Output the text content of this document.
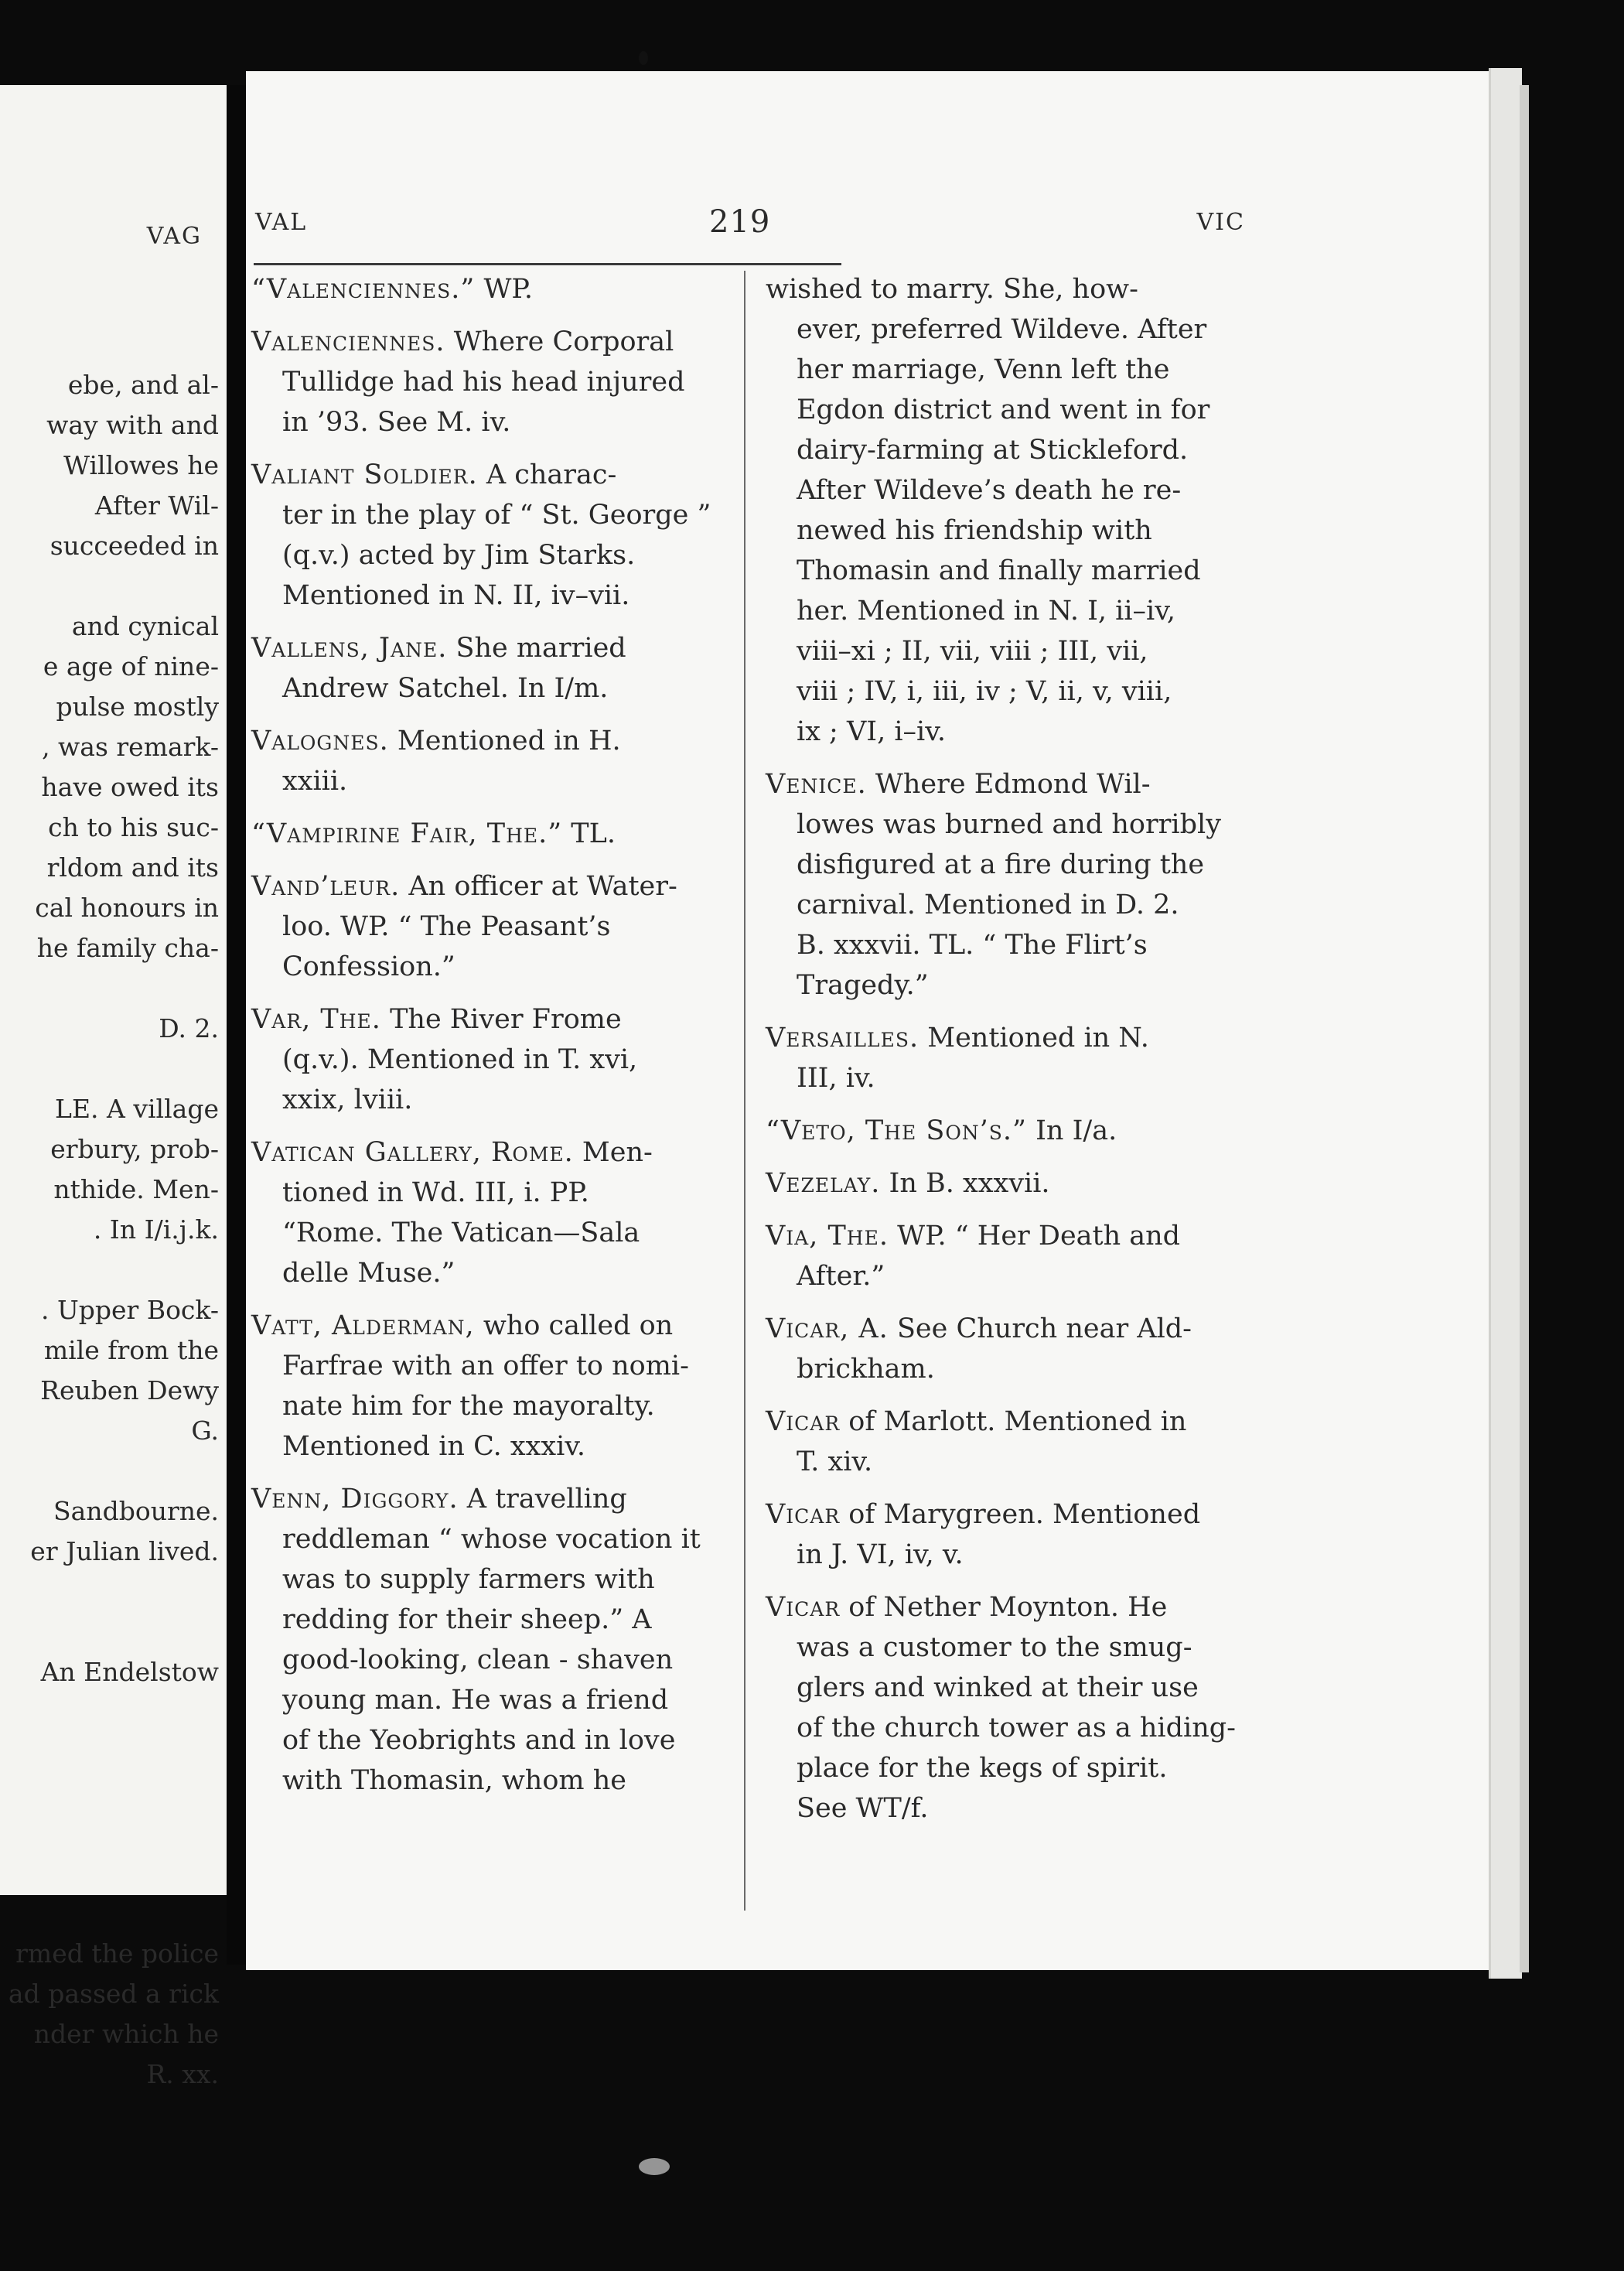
VAG
ebe, and al-
way with and
Willowes he
After Wil-
succeeded in
and cynical
e age of nine-
pulse mostly
, was remark-
have owed its
ch to his suc-
rldom and its
cal honours in
he family cha-
D. 2.
LE. A village
erbury, prob-
nthide. Men-
. In I/i.j.k.
. Upper Bock-
mile from the
Reuben Dewy
G.
Sandbourne.
er Julian lived.
An Endelstow
rmed the police
ad passed a rick
nder which he
R. xx.
VAL	219	VIC
“Valenciennes.” WP.
Valenciennes. Where Corporal
Tullidge had his head injured
in ’93. See M. iv.
Valiant Soldier. A charac-
ter in the play of “ St. George ”
(q.v.) acted by Jim Starks.
Mentioned in N. II, iv–vii.
Vallens, Jane. She married
Andrew Satchel. In I/m.
Valognes. Mentioned in H.
xxiii.
“Vampirine Fair, The.” TL.
Vand’leur. An officer at Water-
loo. WP. “ The Peasant’s
Confession.”
Var, The. The River Frome
(q.v.). Mentioned in T. xvi,
xxix, lviii.
Vatican Gallery, Rome. Men-
tioned in Wd. III, i. PP.
“Rome. The Vatican—Sala
delle Muse.”
Vatt, Alderman, who called on
Farfrae with an offer to nomi-
nate him for the mayoralty.
Mentioned in C. xxxiv.
Venn, Diggory. A travelling
reddleman “ whose vocation it
was to supply farmers with
redding for their sheep.” A
good-looking, clean - shaven
young man. He was a friend
of the Yeobrights and in love
with Thomasin, whom he
wished to marry. She, how-
ever, preferred Wildeve. After
her marriage, Venn left the
Egdon district and went in for
dairy-farming at Stickleford.
After Wildeve’s death he re-
newed his friendship with
Thomasin and finally married
her. Mentioned in N. I, ii–iv,
viii–xi ; II, vii, viii ; III, vii,
viii ; IV, i, iii, iv ; V, ii, v, viii,
ix ; VI, i–iv.
Venice. Where Edmond Wil-
lowes was burned and horribly
disfigured at a fire during the
carnival. Mentioned in D. 2.
B. xxxvii. TL. “ The Flirt’s
Tragedy.”
Versailles. Mentioned in N.
III, iv.
“Veto, The Son’s.” In I/a.
Vezelay. In B. xxxvii.
Via, The. WP. “ Her Death and
After.”
Vicar, A. See Church near Ald-
brickham.
Vicar of Marlott. Mentioned in
T. xiv.
Vicar of Marygreen. Mentioned
in J. VI, iv, v.
Vicar of Nether Moynton. He
was a customer to the smug-
glers and winked at their use
of the church tower as a hiding-
place for the kegs of spirit.
See WT/f.
